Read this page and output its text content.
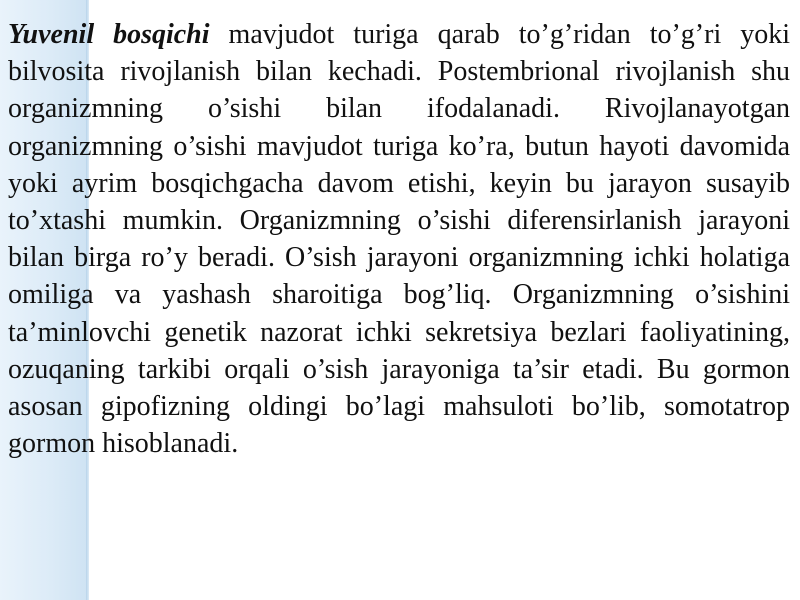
Yuvenil bosqichi mavjudot turiga qarab to’g’ridan to’g’ri yoki bilvosita rivojlanish bilan kechadi. Postembrional rivojlanish shu organizmning o’sishi bilan ifodalanadi. Rivojlanayotgan organizmning o’sishi mavjudot turiga ko’ra, butun hayoti davomida yoki ayrim bosqichgacha davom etishi, keyin bu jarayon susayib to’xtashi mumkin. Organizmning o’sishi diferensirlanish jarayoni bilan birga ro’y beradi. O’sish jarayoni organizmning ichki holatiga omiliga va yashash sharoitiga bog’liq. Organizmning o’sishini ta’minlovchi genetik nazorat ichki sekretsiya bezlari faoliyatining, ozuqaning tarkibi orqali o’sish jarayoniga ta’sir etadi. Bu gormon asosan gipofizning oldingi bo’lagi mahsuloti bo’lib, somotatrop gormon hisoblanadi.
